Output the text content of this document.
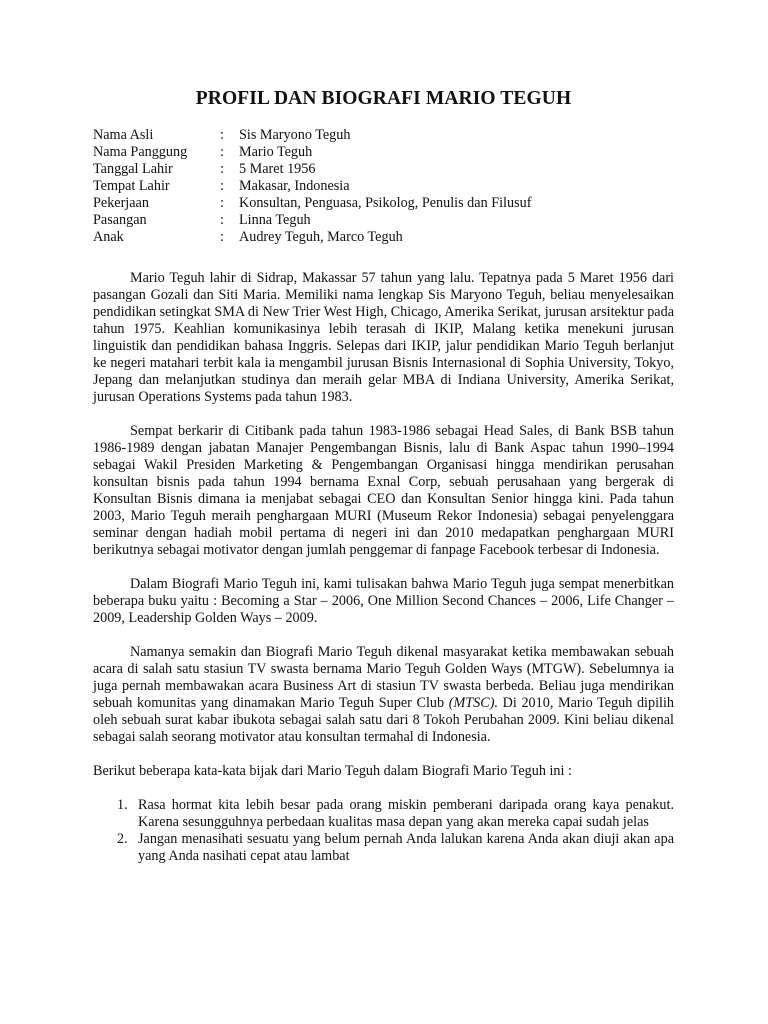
PROFIL DAN BIOGRAFI MARIO TEGUH
Nama Asli	:	Sis Maryono Teguh
Nama Panggung	:	Mario Teguh
Tanggal Lahir	:	5 Maret 1956
Tempat Lahir	:	Makasar, Indonesia
Pekerjaan	:	Konsultan, Penguasa, Psikolog, Penulis dan Filusuf
Pasangan	:	Linna Teguh
Anak	:	Audrey Teguh, Marco Teguh

Mario Teguh lahir di Sidrap, Makassar 57 tahun yang lalu. Tepatnya pada 5 Maret 1956 dari pasangan Gozali dan Siti Maria. Memiliki nama lengkap Sis Maryono Teguh, beliau menyelesaikan pendidikan setingkat SMA di New Trier West High, Chicago, Amerika Serikat, jurusan arsitektur pada tahun 1975. Keahlian komunikasinya lebih terasah di IKIP, Malang ketika menekuni jurusan linguistik dan pendidikan bahasa Inggris. Selepas dari IKIP, jalur pendidikan Mario Teguh berlanjut ke negeri matahari terbit kala ia mengambil jurusan Bisnis Internasional di Sophia University, Tokyo, Jepang dan melanjutkan studinya dan meraih gelar MBA di Indiana University, Amerika Serikat, jurusan Operations Systems pada tahun 1983.

Sempat berkarir di Citibank pada tahun 1983-1986 sebagai Head Sales, di Bank BSB tahun 1986-1989 dengan jabatan Manajer Pengembangan Bisnis, lalu di Bank Aspac tahun 1990–1994 sebagai Wakil Presiden Marketing & Pengembangan Organisasi hingga mendirikan perusahan konsultan bisnis pada tahun 1994 bernama Exnal Corp, sebuah perusahaan yang bergerak di Konsultan Bisnis dimana ia menjabat sebagai CEO dan Konsultan Senior hingga kini. Pada tahun 2003, Mario Teguh meraih penghargaan MURI (Museum Rekor Indonesia) sebagai penyelenggara seminar dengan hadiah mobil pertama di negeri ini dan 2010 medapatkan penghargaan MURI berikutnya sebagai motivator dengan jumlah penggemar di fanpage Facebook terbesar di Indonesia.

Dalam Biografi Mario Teguh ini, kami tulisakan bahwa Mario Teguh juga sempat menerbitkan beberapa buku yaitu : Becoming a Star – 2006, One Million Second Chances – 2006, Life Changer – 2009, Leadership Golden Ways – 2009.

Namanya semakin dan Biografi Mario Teguh dikenal masyarakat ketika membawakan sebuah acara di salah satu stasiun TV swasta bernama Mario Teguh Golden Ways (MTGW). Sebelumnya ia juga pernah membawakan acara Business Art di stasiun TV swasta berbeda. Beliau juga mendirikan sebuah komunitas yang dinamakan Mario Teguh Super Club (MTSC). Di 2010, Mario Teguh dipilih oleh sebuah surat kabar ibukota sebagai salah satu dari 8 Tokoh Perubahan 2009. Kini beliau dikenal sebagai salah seorang motivator atau konsultan termahal di Indonesia.

Berikut beberapa kata-kata bijak dari Mario Teguh dalam Biografi Mario Teguh ini :

1. Rasa hormat kita lebih besar pada orang miskin pemberani daripada orang kaya penakut. Karena sesungguhnya perbedaan kualitas masa depan yang akan mereka capai sudah jelas
2. Jangan menasihati sesuatu yang belum pernah Anda lalukan karena Anda akan diuji akan apa yang Anda nasihati cepat atau lambat
